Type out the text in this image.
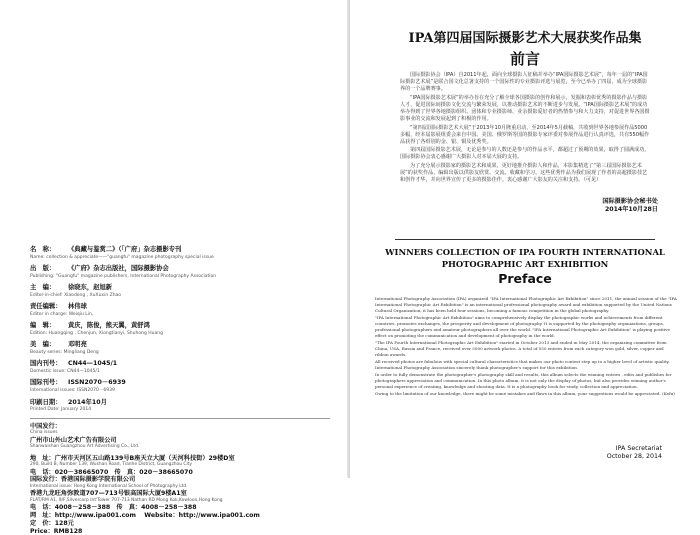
名　称：	《典藏与鉴赏二》（「广府」杂志摄影专刊
Name: collection & appreciate——"guangfu" magazine photography special issue
出　版：	《广府》杂志出版社，国际摄影协会
Publishing: "Guangfu" magazine publishers, International Photography Association
主　编：	徐晓东，赵旭新
Editor-in-chief: Xiaodong , XuXuxin Zhao
责任编辑：	林伟球
Editor in charge: Weiqiu Lin,
编　辑：	黄庆，陈俊，熊天翼，黄舒鸿
Edition: Huangqing , Chenjun, Xiongtianyi, Shuhong Huang
美　编：	邓明亮
Beauty series: Mingliang Deng
国内刊号：	CN44—1045/1
Domestic issue: CN44—1045/1
国际刊号：	ISSN2070－6939
International issues: ISSN2070－6939
印刷日期：	2014年10月
Printed Date: January 2014
中国发行：
China issues
广州市山外山艺术广告有限公司
Shanwaishan Guangzhou Art Advertising Co., Ltd.
地　址：广州市天河区五山路139号B座天立大厦（天河科技街）29楼D室
290, Build B, Number 139, Wushan Road, Tianhe District, Guangzhou City
电　话：020－38665070　传　真：020－38665070
国际发行：香港国际摄影学院有限公司
International issue: Hong Kong International School of Photography Ltd.
香港九龙旺角弥敦道707—713号银高国际大厦9楼A1室
FLAT/RM A1, 9/F,Silvercorp Int'Tower 707-713 Nathan RD Mong Kok,Kowloon,Hong Kong
电　话：4008－258－388　传　真：4008－258－388
网　址：http://www.ipa001.com　 Website：http://www.ipa001.com
定　价：128元
Price：RMB128
IPA第四届国际摄影艺术大展获奖作品集
前言

国际摄影协会（IPA）自2011年起，面向全球摄影人征稿并举办“IPA国际摄影艺术展”，每年一届的“IPA国际摄影艺术展”是联合国文化总署支持的一个国际性的专业摄影评选与展览，至今已举办了四届，成为全球摄影界的一个品牌赛事。

“IPA国际摄影艺术展”的举办旨在充分了解全球各国摄影的创作和展示，发掘和表彰优秀的摄影作品与摄影人才，促进国际间摄影文化交流与繁荣发展，以推动摄影艺术的不断进步与发展。“IPA国际摄影艺术展”的成功举办得到了世界各地摄影组织、团体和专业摄影师、业余摄影爱好者的热情参与和大力支持，对促进世界各国摄影事业的交流和发展起到了积极的作用。

“第四届国际摄影艺术大展”于2013年10月隆重启动，至2014年5月截稿，共收到世界各地参展作品5000多幅，经本届影展组委会来自中国、美国、俄罗斯等国的摄影专家评委对参展作品进行认真评选，共有550幅作品获得了各组别的金、银、铜及优秀奖。

第四届国际摄影艺术展，无论是参与的人数还是参与的作品水平，都超过了预期的效果，取得了圆满成功。国际摄影协会衷心感谢广大摄影人对本届大展的支持。

为了充分展示摄影家的摄影艺术和成果，更好地推介摄影人和作品，本影集精选了“第三届国际摄影艺术展”的获奖作品，编辑出版以供影友欣赏、交流、收藏和学习。这些优秀作品为我们展现了作者的高超摄影技艺和创作才华，并向世界宣传了更多的摄影佳作。衷心感谢广大影友的关注和支持。（可见）

国际摄影协会秘书处
2014年10月28日
WINNERS COLLECTION OF IPA FOURTH INTERNATIONAL
PHOTOGRAPHIC ART EXHIBITION
Preface

International Photography Association (IPA) organized "IPA International Photographic Art Exhibition" since 2011, the annual session of the "IPA International Photographic Art Exhibition" is an international professional photography award and exhibition supported by the United Nations Cultural Organization, it has been held four sessions, becoming a famous competition in the global photography.

"IPA International Photographic Art Exhibition" aims to comprehensively display the photographic works and achievements from different countries, promotes exchanges, the prosperity and development of photography. It is supported by the photography organizations, groups, professional photographers and amateur photographers all over the world. "IPA International Photographic Art Exhibition" is playing positive effect on promoting the communication and development of photography in the world.

"The IPA Fourth International Photographic Art Exhibition" started in October 2013 and ended in May 2014, the organizing committee from China, USA, Russia and France, received over 5000 artwork photos. A total of 550 entries from each category won gold, silver, copper and ribbon awards.

All received photos are fabulous with special cultural characteristics that makes our photo contest step up to a higher level of artistic quality. International Photography Association sincerely thank photographer's support for this exhibition.

In order to fully demonstrate the photographer's photography skill and results, this album selects the winning entries , edits and publishes for photographers appreciation and communication. In this photo album, it is not only the display of photos, but also provides winning author's personal experience of creating, knowledge and shooting data. It is a photography book for study, collection and appreciation.

Owing to the limitation of our knowledge, there might be some mistakes and flaws in this album, your suggestions would be appreciated. (Kefu)

IPA Secretariat
October 28, 2014
